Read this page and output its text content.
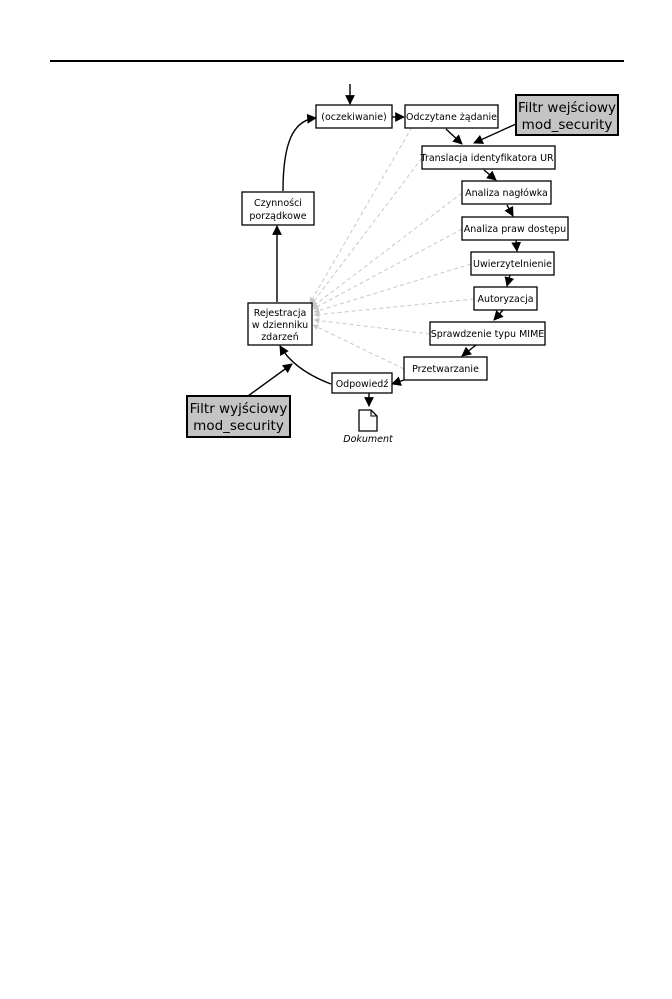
(oczekiwanie) Odczytane żądanie
Filtr wejściowy
mod_security
Translacja identyfikatora URI
Analiza nagłówka
Analiza praw dostępu
Uwierzytelnienie
Autoryzacja
Sprawdzenie typu MIME
Przetwarzanie
Odpowiedź
Rejestracja
w dzienniku
zdarzeń
Czynności
porządkowe
Filtr wyjściowy
mod_security
Dokument
